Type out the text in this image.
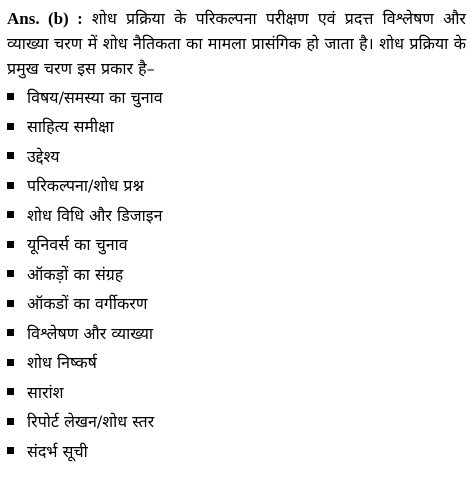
Ans. (b) : शोध प्रक्रिया के परिकल्पना परीक्षण एवं प्रदत्त विश्लेषण और व्याख्या चरण में शोध नैतिकता का मामला प्रासंगिक हो जाता है। शोध प्रक्रिया के प्रमुख चरण इस प्रकार है–

विषय/समस्या का चुनाव
साहित्य समीक्षा
उद्देश्य
परिकल्पना/शोध प्रश्न
शोध विधि और डिजाइन
यूनिवर्स का चुनाव
ऑकड़ों का संग्रह
ऑकडों का वर्गीकरण
विश्लेषण और व्याख्या
शोध निष्कर्ष
सारांश
रिपोर्ट लेखन/शोध स्तर
संदर्भ सूची
